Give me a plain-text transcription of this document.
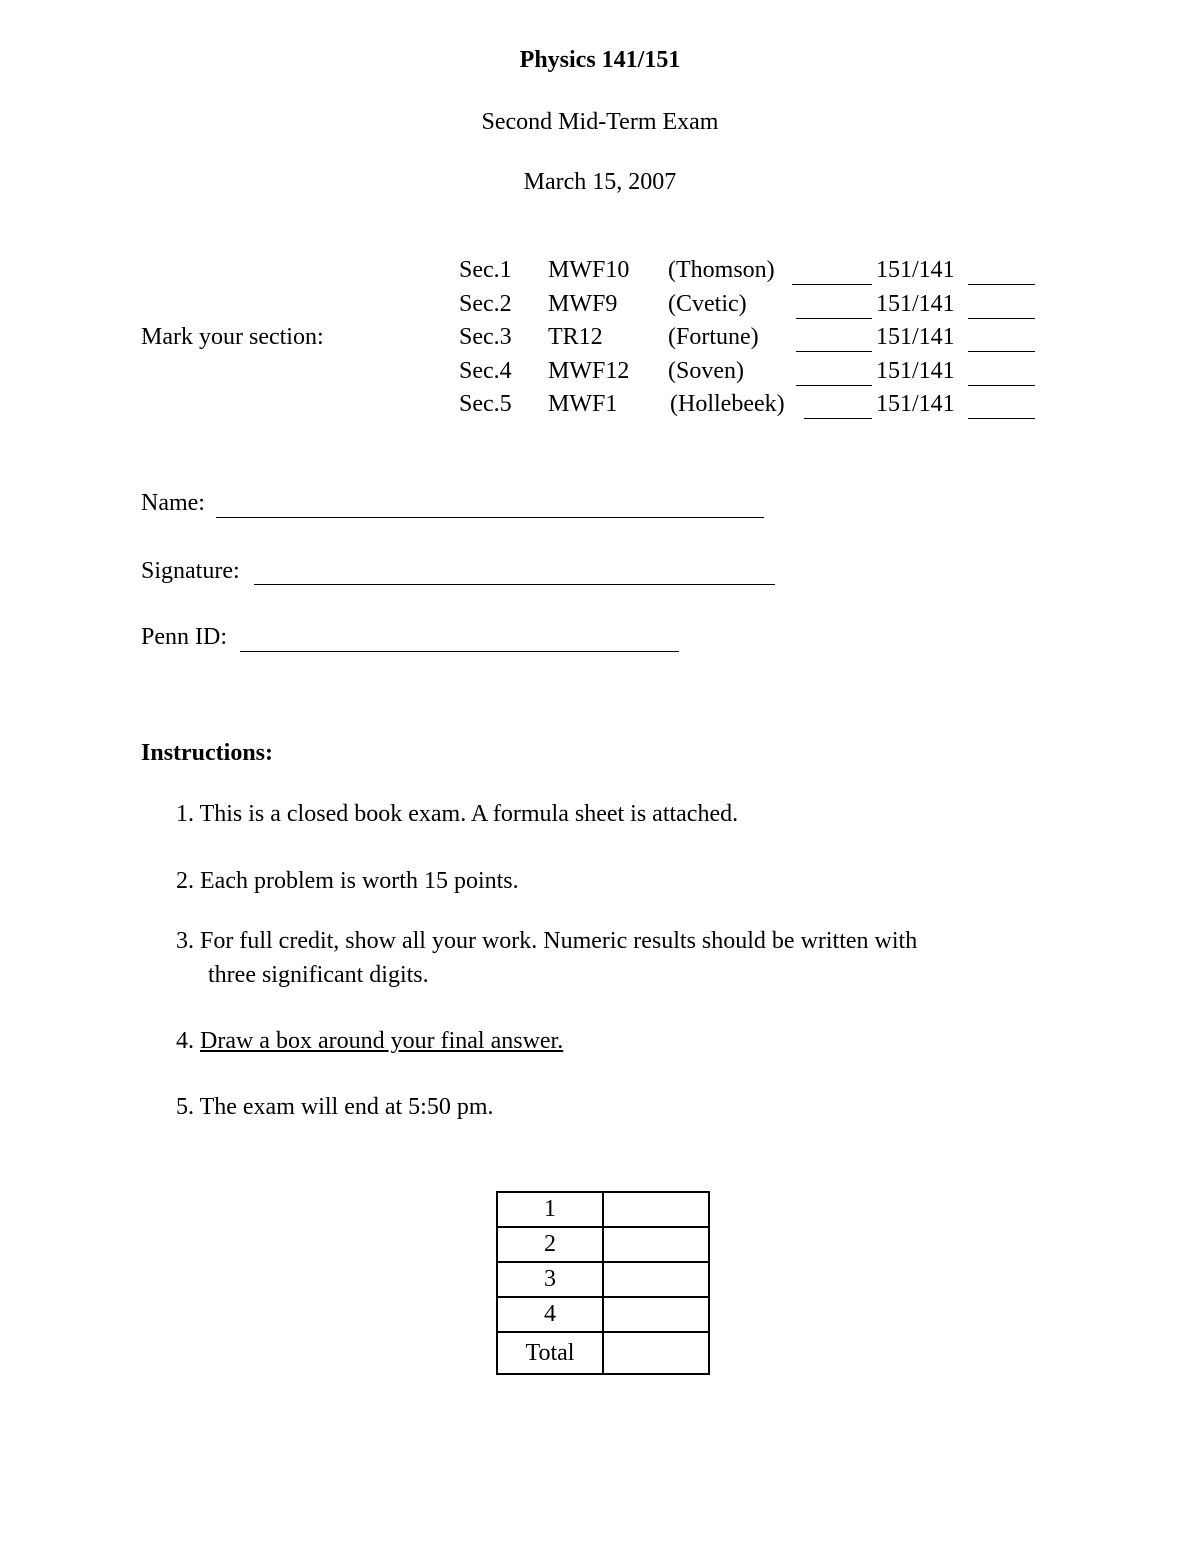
Physics 141/151
Second Mid-Term Exam
March 15, 2007
Mark your section:
Sec.1 MWF10 (Thomson)	151/141
Sec.2 MWF9 (Cvetic)	151/141
Sec.3 TR12	(Fortune)	151/141
Sec.4 MWF12 (Soven)	151/141
Sec.5 MWF1 (Hollebeek)	151/141
Name:
Signature:
Penn ID:
Instructions:
1. This is a closed book exam. A formula sheet is attached.
2. Each problem is worth 15 points.
3. For full credit, show all your work. Numeric results should be written with
three significant digits.
4. Draw a box around your final answer.
5. The exam will end at 5:50 pm.
1	
2	
3	
4	
Total	
